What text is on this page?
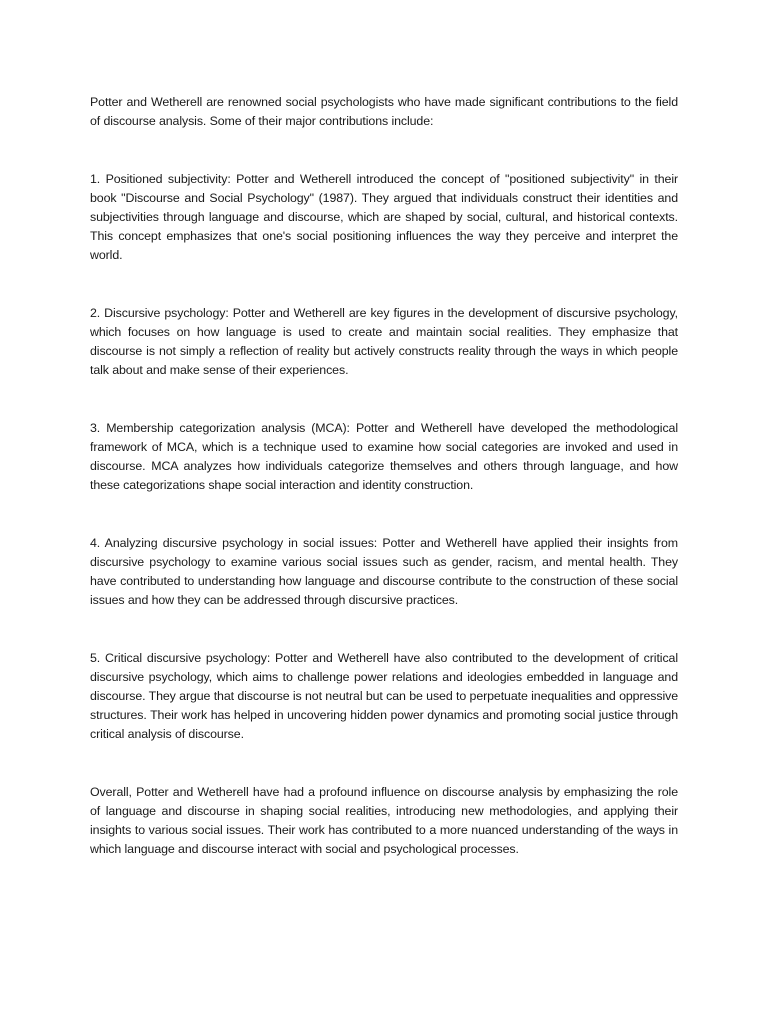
Potter and Wetherell are renowned social psychologists who have made significant contributions to the field of discourse analysis. Some of their major contributions include:

1. Positioned subjectivity: Potter and Wetherell introduced the concept of "positioned subjectivity" in their book "Discourse and Social Psychology" (1987). They argued that individuals construct their identities and subjectivities through language and discourse, which are shaped by social, cultural, and historical contexts. This concept emphasizes that one's social positioning influences the way they perceive and interpret the world.

2. Discursive psychology: Potter and Wetherell are key figures in the development of discursive psychology, which focuses on how language is used to create and maintain social realities. They emphasize that discourse is not simply a reflection of reality but actively constructs reality through the ways in which people talk about and make sense of their experiences.

3. Membership categorization analysis (MCA): Potter and Wetherell have developed the methodological framework of MCA, which is a technique used to examine how social categories are invoked and used in discourse. MCA analyzes how individuals categorize themselves and others through language, and how these categorizations shape social interaction and identity construction.

4. Analyzing discursive psychology in social issues: Potter and Wetherell have applied their insights from discursive psychology to examine various social issues such as gender, racism, and mental health. They have contributed to understanding how language and discourse contribute to the construction of these social issues and how they can be addressed through discursive practices.

5. Critical discursive psychology: Potter and Wetherell have also contributed to the development of critical discursive psychology, which aims to challenge power relations and ideologies embedded in language and discourse. They argue that discourse is not neutral but can be used to perpetuate inequalities and oppressive structures. Their work has helped in uncovering hidden power dynamics and promoting social justice through critical analysis of discourse.

Overall, Potter and Wetherell have had a profound influence on discourse analysis by emphasizing the role of language and discourse in shaping social realities, introducing new methodologies, and applying their insights to various social issues. Their work has contributed to a more nuanced understanding of the ways in which language and discourse interact with social and psychological processes.
